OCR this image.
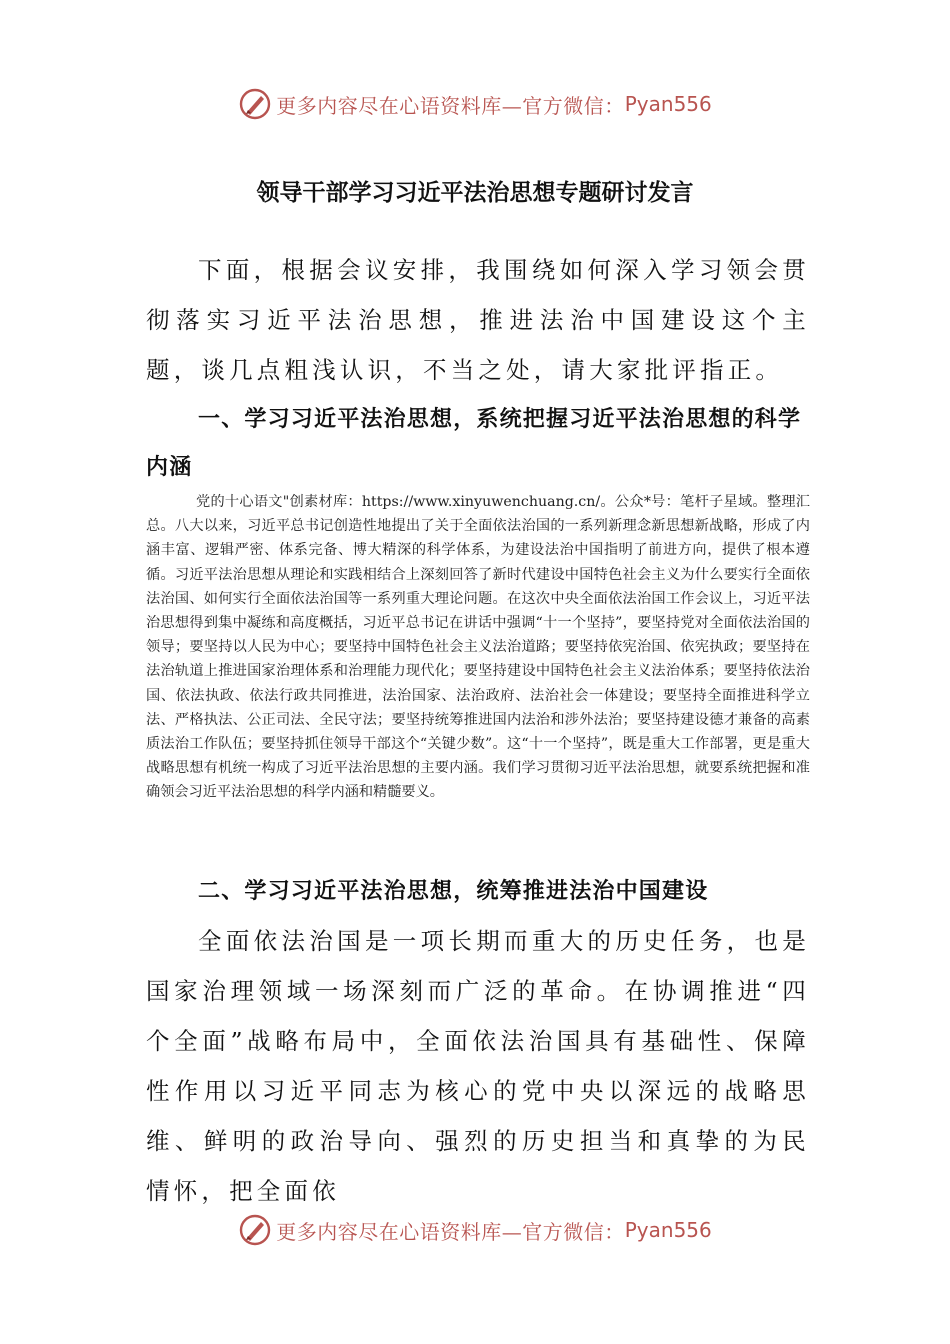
更多内容尽在心语资料库—官方微信： Pyan556
领导干部学习习近平法治思想专题研讨发言

下面，根据会议安排，我围绕如何深入学习领会贯彻落实习近平法治思想，推进法治中国建设这个主题，谈几点粗浅认识，不当之处，请大家批评指正。

一、学习习近平法治思想，系统把握习近平法治思想的科学内涵

党的十心语文"创素材库：https://www.xinyuwenchuang.cn/。公众*号：笔杆子星域。整理汇总。八大以来，习近平总书记创造性地提出了关于全面依法治国的一系列新理念新思想新战略，形成了内涵丰富、逻辑严密、体系完备、博大精深的科学体系，为建设法治中国指明了前进方向，提供了根本遵循。习近平法治思想从理论和实践相结合上深刻回答了新时代建设中国特色社会主义为什么要实行全面依法治国、如何实行全面依法治国等一系列重大理论问题。在这次中央全面依法治国工作会议上，习近平法治思想得到集中凝练和高度概括，习近平总书记在讲话中强调“十一个坚持”，要坚持党对全面依法治国的领导；要坚持以人民为中心；要坚持中国特色社会主义法治道路；要坚持依宪治国、依宪执政；要坚持在法治轨道上推进国家治理体系和治理能力现代化；要坚持建设中国特色社会主义法治体系；要坚持依法治国、依法执政、依法行政共同推进，法治国家、法治政府、法治社会一体建设；要坚持全面推进科学立法、严格执法、公正司法、全民守法；要坚持统筹推进国内法治和涉外法治；要坚持建设德才兼备的高素质法治工作队伍；要坚持抓住领导干部这个“关键少数”。这“十一个坚持”，既是重大工作部署，更是重大战略思想有机统一构成了习近平法治思想的主要内涵。我们学习贯彻习近平法治思想，就要系统把握和准确领会习近平法治思想的科学内涵和精髓要义。

二、学习习近平法治思想，统筹推进法治中国建设

全面依法治国是一项长期而重大的历史任务，也是国家治理领域一场深刻而广泛的革命。在协调推进“四个全面”战略布局中，全面依法治国具有基础性、保障性作用以习近平同志为核心的党中央以深远的战略思维、鲜明的政治导向、强烈的历史担当和真挚的为民情怀，把全面依

更多内容尽在心语资料库—官方微信： Pyan556
